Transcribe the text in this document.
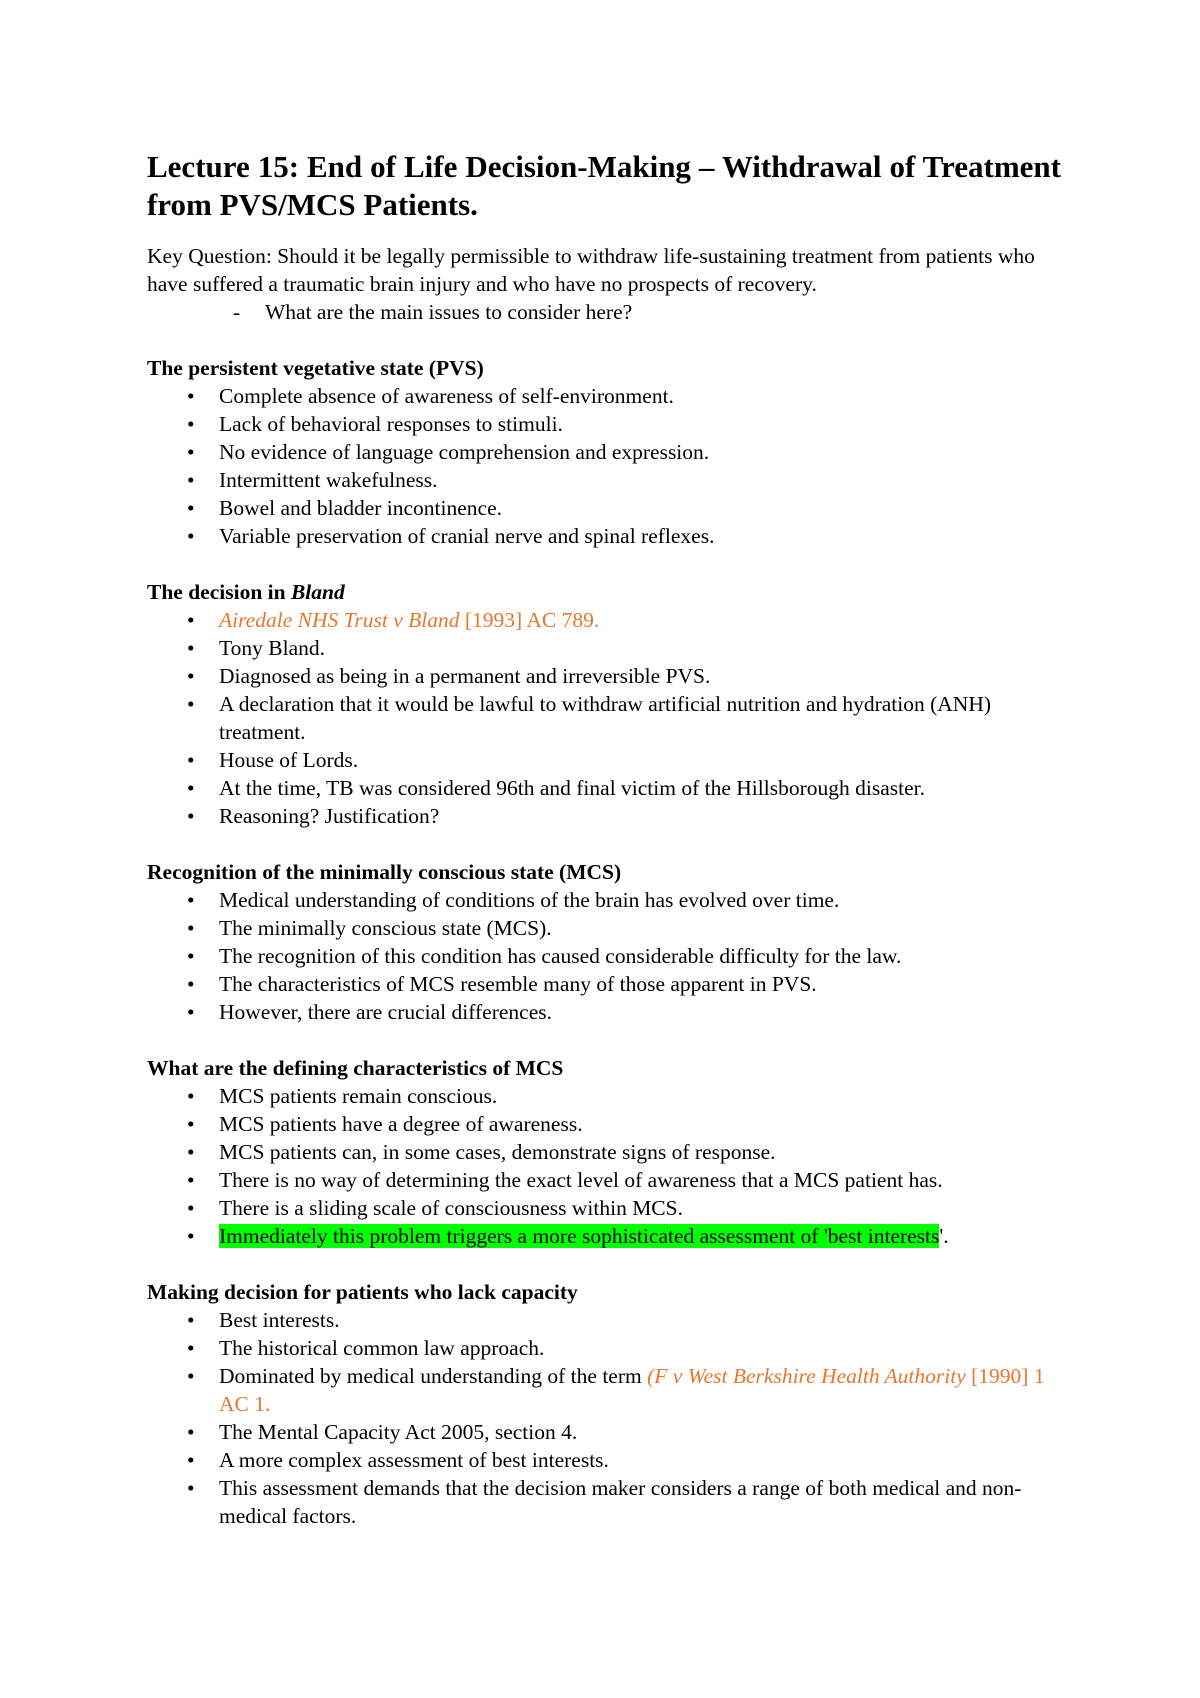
Lecture 15: End of Life Decision-Making – Withdrawal of Treatment from PVS/MCS Patients.

Key Question: Should it be legally permissible to withdraw life-sustaining treatment from patients who have suffered a traumatic brain injury and who have no prospects of recovery.

-	What are the main issues to consider here?

The persistent vegetative state (PVS)

•	Complete absence of awareness of self-environment.
•	Lack of behavioral responses to stimuli.
•	No evidence of language comprehension and expression.
•	Intermittent wakefulness.
•	Bowel and bladder incontinence.
•	Variable preservation of cranial nerve and spinal reflexes.

The decision in Bland

•	Airedale NHS Trust v Bland [1993] AC 789.
•	Tony Bland.
•	Diagnosed as being in a permanent and irreversible PVS.
•	A declaration that it would be lawful to withdraw artificial nutrition and hydration (ANH) treatment.
•	House of Lords.
•	At the time, TB was considered 96th and final victim of the Hillsborough disaster.
•	Reasoning? Justification?

Recognition of the minimally conscious state (MCS)

•	Medical understanding of conditions of the brain has evolved over time.
•	The minimally conscious state (MCS).
•	The recognition of this condition has caused considerable difficulty for the law.
•	The characteristics of MCS resemble many of those apparent in PVS.
•	However, there are crucial differences.

What are the defining characteristics of MCS

•	MCS patients remain conscious.
•	MCS patients have a degree of awareness.
•	MCS patients can, in some cases, demonstrate signs of response.
•	There is no way of determining the exact level of awareness that a MCS patient has.
•	There is a sliding scale of consciousness within MCS.
•	Immediately this problem triggers a more sophisticated assessment of 'best interests'.

Making decision for patients who lack capacity

•	Best interests.
•	The historical common law approach.
•	Dominated by medical understanding of the term (F v West Berkshire Health Authority [1990] 1 AC 1.
•	The Mental Capacity Act 2005, section 4.
•	A more complex assessment of best interests.
•	This assessment demands that the decision maker considers a range of both medical and non-medical factors.
